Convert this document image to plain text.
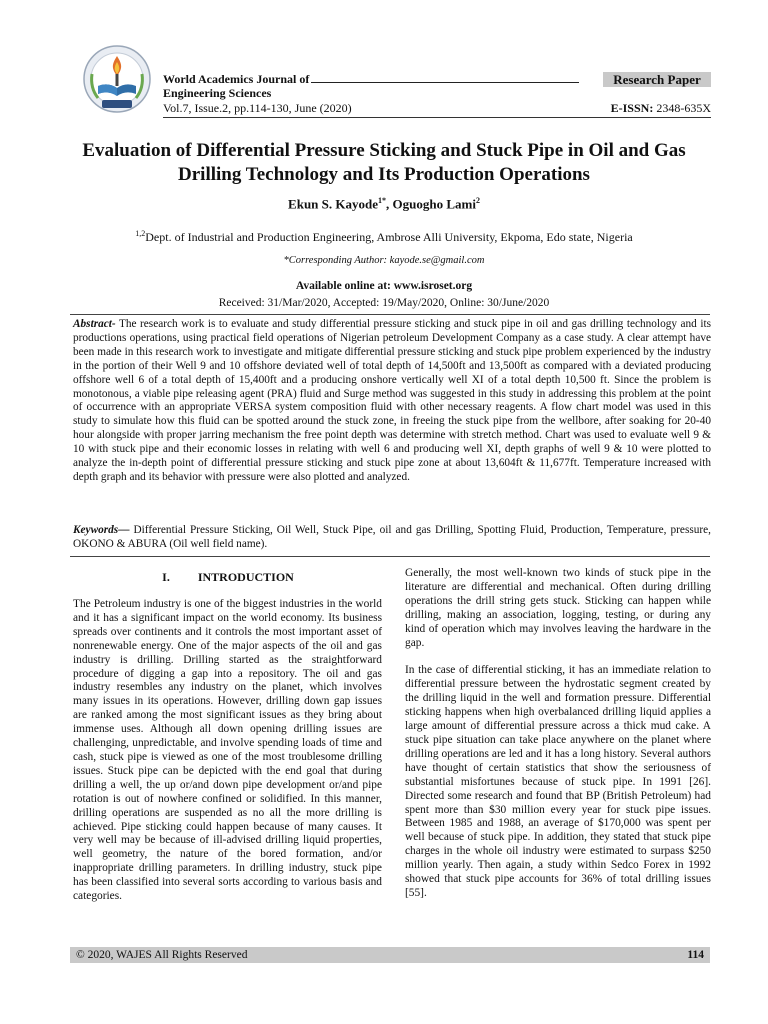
World Academics Journal of
Engineering Sciences
Vol.7, Issue.2, pp.114-130, June (2020)
Research Paper
E-ISSN: 2348-635X
Evaluation of Differential Pressure Sticking and Stuck Pipe in Oil and Gas Drilling Technology and Its Production Operations
Ekun S. Kayode$^{1*}$, Oguogho Lami$^2$
$^{1,2}$Dept. of Industrial and Production Engineering, Ambrose Alli University, Ekpoma, Edo state, Nigeria
*Corresponding Author: kayode.se@gmail.com
Available online at: www.isroset.org
Received: 31/Mar/2020, Accepted: 19/May/2020, Online: 30/June/2020
Abstract- The research work is to evaluate and study differential pressure sticking and stuck pipe in oil and gas drilling technology and its productions operations, using practical field operations of Nigerian petroleum Development Company as a case study. A clear attempt have been made in this research work to investigate and mitigate differential pressure sticking and stuck pipe problem experienced by the industry in the portion of their Well 9 and 10 offshore deviated well of total depth of 14,500ft and 13,500ft as compared with a deviated producing offshore well 6 of a total depth of 15,400ft and a producing onshore vertically well XI of a total depth 10,500 ft. Since the problem is monotonous, a viable pipe releasing agent (PRA) fluid and Surge method was suggested in this study in addressing this problem at the point of occurrence with an appropriate VERSA system composition fluid with other necessary reagents. A flow chart model was used in this study to simulate how this fluid can be spotted around the stuck zone, in freeing the stuck pipe from the wellbore, after soaking for 20-40 hour alongside with proper jarring mechanism the free point depth was determine with stretch method. Chart was used to evaluate well 9 & 10 with stuck pipe and their economic losses in relating with well 6 and producing well XI, depth graphs of well 9 & 10 were plotted to analyze the in-depth point of differential pressure sticking and stuck pipe zone at about 13,604ft & 11,677ft. Temperature increased with depth graph and its behavior with pressure were also plotted and analyzed.
Keywords— Differential Pressure Sticking, Oil Well, Stuck Pipe, oil and gas Drilling, Spotting Fluid, Production, Temperature, pressure, OKONO & ABURA (Oil well field name).
I. INTRODUCTION
The Petroleum industry is one of the biggest industries in the world and it has a significant impact on the world economy. Its business spreads over continents and it controls the most important asset of nonrenewable energy. One of the major aspects of the oil and gas industry is drilling. Drilling started as the straightforward procedure of digging a gap into a repository. The oil and gas industry resembles any industry on the planet, which involves many issues in its operations. However, drilling down gap issues are ranked among the most significant issues as they bring about immense uses. Although all down opening drilling issues are challenging, unpredictable, and involve spending loads of time and cash, stuck pipe is viewed as one of the most troublesome drilling issues. Stuck pipe can be depicted with the end goal that during drilling a well, the up or/and down pipe development or/and pipe rotation is out of nowhere confined or solidified. In this manner, drilling operations are suspended as no all the more drilling is achieved. Pipe sticking could happen because of many causes. It very well may be because of ill-advised drilling liquid properties, well geometry, the nature of the bored formation, and/or inappropriate drilling parameters. In drilling industry, stuck pipe has been classified into several sorts according to various basis and categories.

Generally, the most well-known two kinds of stuck pipe in the literature are differential and mechanical. Often during drilling operations the drill string gets stuck. Sticking can happen while drilling, making an association, logging, testing, or during any kind of operation which may involves leaving the hardware in the gap.

In the case of differential sticking, it has an immediate relation to differential pressure between the hydrostatic segment created by the drilling liquid in the well and formation pressure. Differential sticking happens when high overbalanced drilling liquid applies a large amount of differential pressure across a thick mud cake. A stuck pipe situation can take place anywhere on the planet where drilling operations are led and it has a long history. Several authors have thought of certain statistics that show the seriousness of substantial misfortunes because of stuck pipe. In 1991 [26]. Directed some research and found that BP (British Petroleum) had spent more than $30 million every year for stuck pipe issues. Between 1985 and 1988, an average of $170,000 was spent per well because of stuck pipe. In addition, they stated that stuck pipe charges in the whole oil industry were estimated to surpass $250 million yearly. Then again, a study within Sedco Forex in 1992 showed that stuck pipe accounts for 36% of total drilling issues [55].

© 2020, WAJES All Rights Reserved	114
